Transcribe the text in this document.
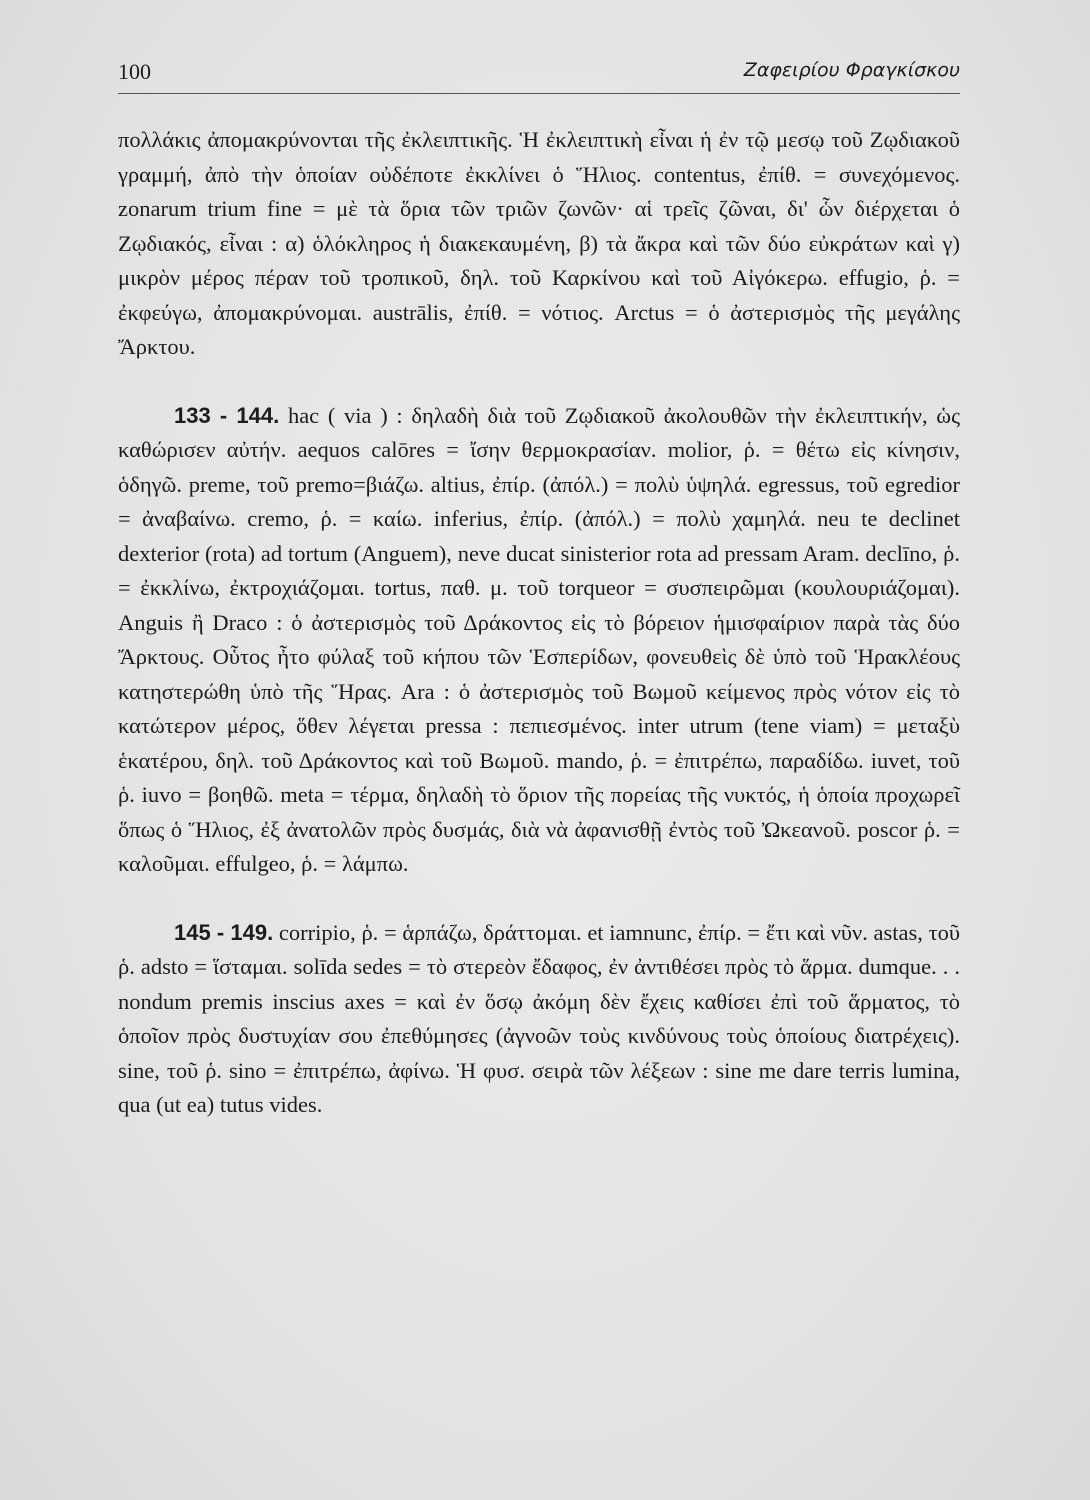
100	Ζαφειρίου Φραγκίσκου

πολλάκις ἀπομακρύνονται τῆς ἐκλειπτικῆς. Ἡ ἐκλειπτικὴ εἶναι ἡ ἐν τῷ μεσῳ τοῦ Ζῳδιακοῦ γραμμή, ἀπὸ τὴν ὁποίαν οὐδέποτε ἐκκλίνει ὁ Ἥλιος. contentus, ἐπίθ. = συνεχόμενος. zonarum trium fine = μὲ τὰ ὅρια τῶν τριῶν ζωνῶν· αἱ τρεῖς ζῶναι, δι' ὧν διέρχεται ὁ Ζῳδιακός, εἶναι : α) ὁλόκληρος ἡ διακεκαυμένη, β) τὰ ἄκρα καὶ τῶν δύο εὐκράτων καὶ γ) μικρὸν μέρος πέραν τοῦ τροπικοῦ, δηλ. τοῦ Καρκίνου καὶ τοῦ Αἰγόκερω. effugio, ῥ. = ἐκφεύγω, ἀπομακρύνομαι. austrālis, ἐπίθ. = νότιος. Arctus = ὁ ἀστερισμὸς τῆς μεγάλης Ἄρκτου.

133 - 144. hac ( via ) : δηλαδὴ διὰ τοῦ Ζῳδιακοῦ ἀκολουθῶν τὴν ἐκλειπτικήν, ὡς καθώρισεν αὐτήν. aequos calōres = ἴσην θερμοκρασίαν. molior, ῥ. = θέτω εἰς κίνησιν, ὁδηγῶ. preme, τοῦ premo=βιάζω. altius, ἐπίρ. (ἀπόλ.) = πολὺ ὑψηλά. egressus, τοῦ egredior = ἀναβαίνω. cremo, ῥ. = καίω. inferius, ἐπίρ. (ἀπόλ.) = πολὺ χαμηλά. neu te declinet dexterior (rota) ad tortum (Anguem), neve ducat sinisterior rota ad pressam Aram. declīno, ῥ. = ἐκκλίνω, ἐκτροχιάζομαι. tortus, παθ. μ. τοῦ torqueor = συσπειρῶμαι (κουλουριάζομαι). Anguis ἢ Draco : ὁ ἀστερισμὸς τοῦ Δράκοντος εἰς τὸ βόρειον ἡμισφαίριον παρὰ τὰς δύο Ἄρκτους. Οὗτος ἦτο φύλαξ τοῦ κήπου τῶν Ἑσπερίδων, φονευθεὶς δὲ ὑπὸ τοῦ Ἡρακλέους κατηστερώθη ὑπὸ τῆς Ἥρας. Ara : ὁ ἀστερισμὸς τοῦ Βωμοῦ κείμενος πρὸς νότον εἰς τὸ κατώτερον μέρος, ὅθεν λέγεται pressa : πεπιεσμένος. inter utrum (tene viam) = μεταξὺ ἑκατέρου, δηλ. τοῦ Δράκοντος καὶ τοῦ Βωμοῦ. mando, ῥ. = ἐπιτρέπω, παραδίδω. iuvet, τοῦ ῥ. iuvo = βοηθῶ. meta = τέρμα, δηλαδὴ τὸ ὅριον τῆς πορείας τῆς νυκτός, ἡ ὁποία προχωρεῖ ὅπως ὁ Ἥλιος, ἐξ ἀνατολῶν πρὸς δυσμάς, διὰ νὰ ἀφανισθῇ ἐντὸς τοῦ Ὠκεανοῦ. poscor ῥ. = καλοῦμαι. effulgeo, ῥ. = λάμπω.

145 - 149. corripio, ῥ. = ἁρπάζω, δράττομαι. et iamnunc, ἐπίρ. = ἔτι καὶ νῦν. astas, τοῦ ῥ. adsto = ἵσταμαι. solīda sedes = τὸ στερεὸν ἔδαφος, ἐν ἀντιθέσει πρὸς τὸ ἅρμα. dumque. . . nondum premis inscius axes = καὶ ἐν ὅσῳ ἀκόμη δὲν ἔχεις καθίσει ἐπὶ τοῦ ἅρματος, τὸ ὁποῖον πρὸς δυστυχίαν σου ἐπεθύμησες (ἀγνοῶν τοὺς κινδύνους τοὺς ὁποίους διατρέχεις). sine, τοῦ ῥ. sino = ἐπιτρέπω, ἀφίνω. Ἡ φυσ. σειρὰ τῶν λέξεων : sine me dare terris lumina, qua (ut ea) tutus vides.
